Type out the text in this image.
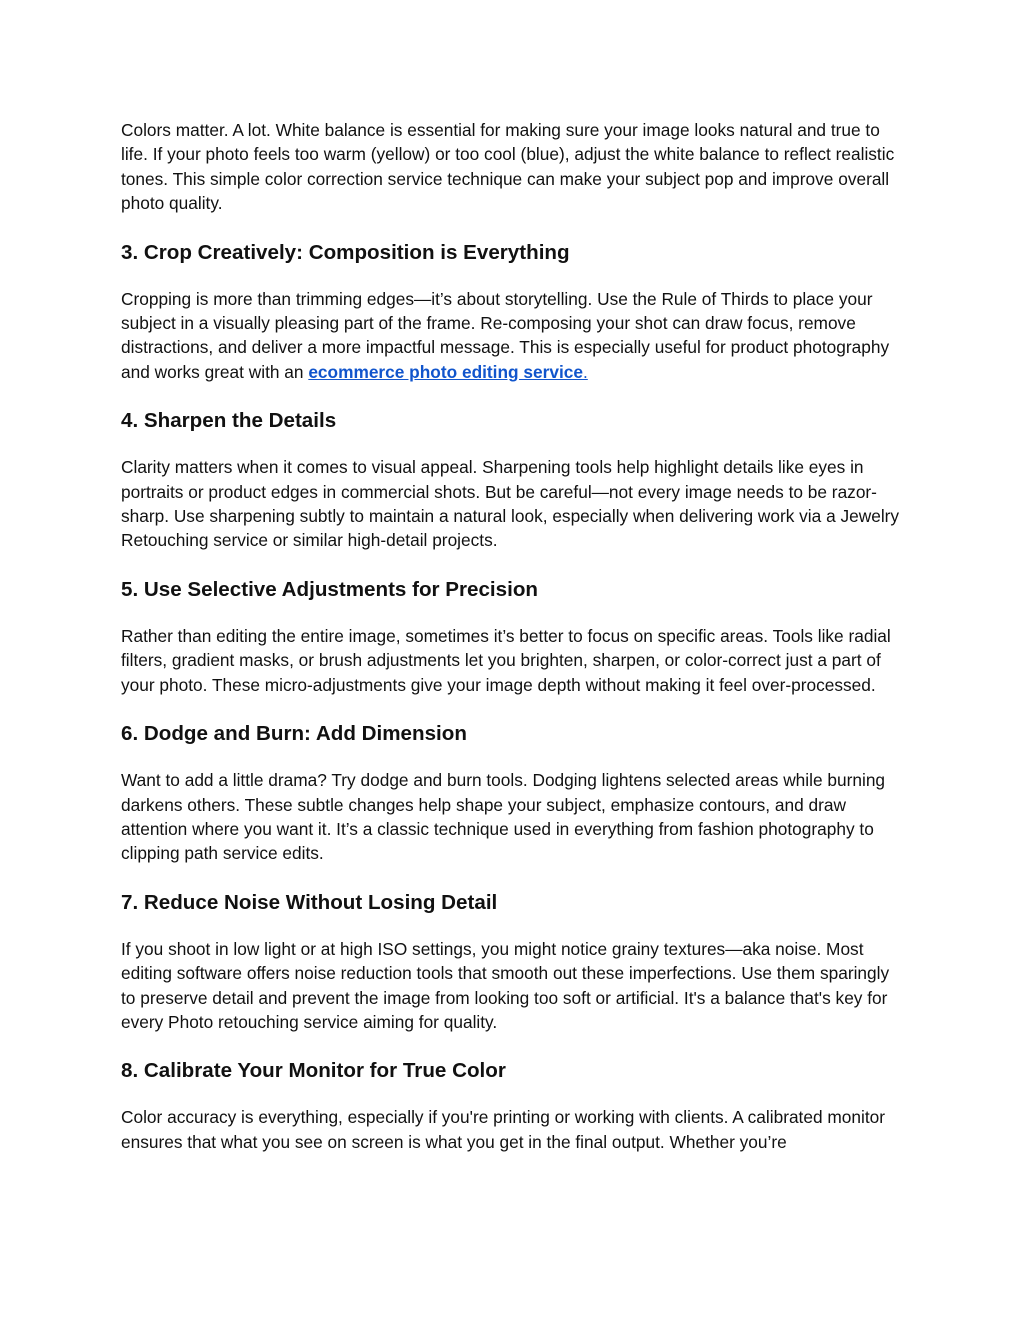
Colors matter. A lot. White balance is essential for making sure your image looks natural and true to life. If your photo feels too warm (yellow) or too cool (blue), adjust the white balance to reflect realistic tones. This simple color correction service technique can make your subject pop and improve overall photo quality.

3. Crop Creatively: Composition is Everything

Cropping is more than trimming edges—it’s about storytelling. Use the Rule of Thirds to place your subject in a visually pleasing part of the frame. Re-composing your shot can draw focus, remove distractions, and deliver a more impactful message. This is especially useful for product photography and works great with an ecommerce photo editing service.

4. Sharpen the Details

Clarity matters when it comes to visual appeal. Sharpening tools help highlight details like eyes in portraits or product edges in commercial shots. But be careful—not every image needs to be razor-sharp. Use sharpening subtly to maintain a natural look, especially when delivering work via a Jewelry Retouching service or similar high-detail projects.

5. Use Selective Adjustments for Precision

Rather than editing the entire image, sometimes it’s better to focus on specific areas. Tools like radial filters, gradient masks, or brush adjustments let you brighten, sharpen, or color-correct just a part of your photo. These micro-adjustments give your image depth without making it feel over-processed.

6. Dodge and Burn: Add Dimension

Want to add a little drama? Try dodge and burn tools. Dodging lightens selected areas while burning darkens others. These subtle changes help shape your subject, emphasize contours, and draw attention where you want it. It’s a classic technique used in everything from fashion photography to clipping path service edits.

7. Reduce Noise Without Losing Detail

If you shoot in low light or at high ISO settings, you might notice grainy textures—aka noise. Most editing software offers noise reduction tools that smooth out these imperfections. Use them sparingly to preserve detail and prevent the image from looking too soft or artificial. It's a balance that's key for every Photo retouching service aiming for quality.

8. Calibrate Your Monitor for True Color

Color accuracy is everything, especially if you're printing or working with clients. A calibrated monitor ensures that what you see on screen is what you get in the final output. Whether you’re
